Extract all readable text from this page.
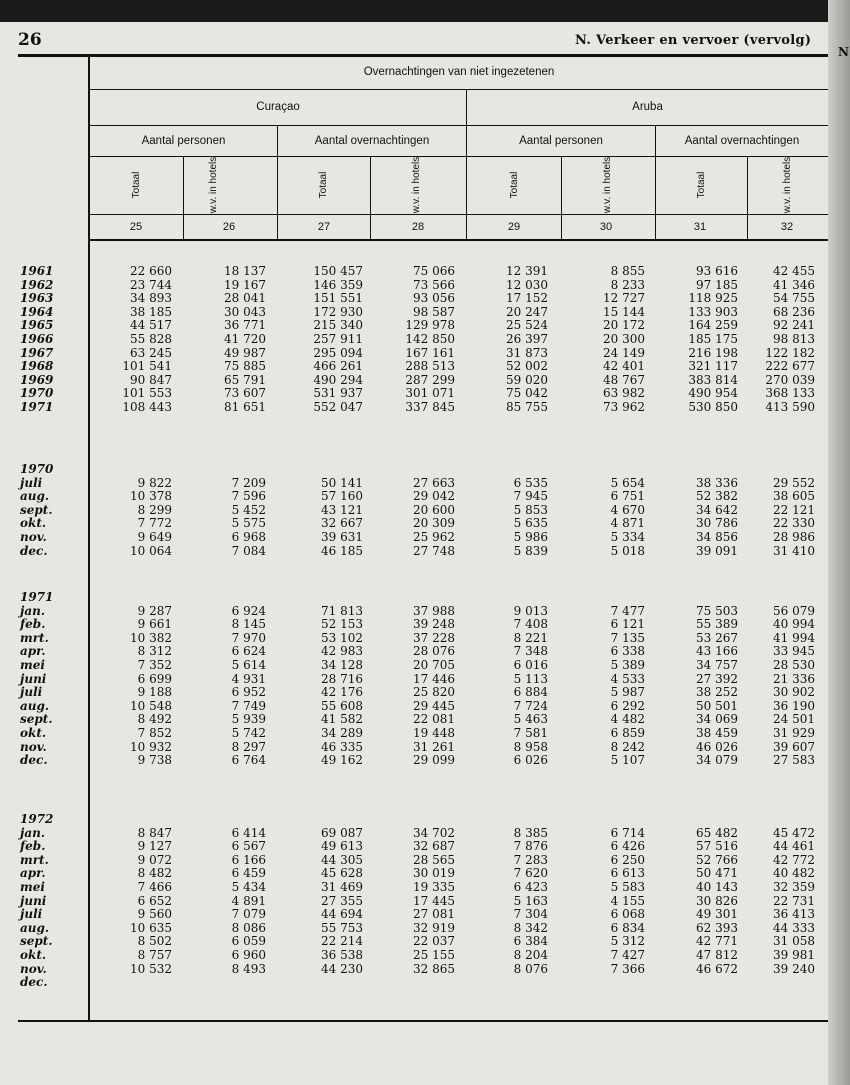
N
26	N. Verkeer en vervoer (vervolg)
Overnachtingen van niet ingezetenen
Curaçao	Aruba
Aantal personen	Aantal overnachtingen	Aantal personen	Aantal overnachtingen
Totaal	w.v. in hotels	Totaal	w.v. in hotels	Totaal	w.v. in hotels	Totaal	w.v. in hotels
25	26	27	28	29	30	31	32
1961	22 660	18 137	150 457	75 066	12 391	8 855	93 616	42 455
1962	23 744	19 167	146 359	73 566	12 030	8 233	97 185	41 346
1963	34 893	28 041	151 551	93 056	17 152	12 727	118 925	54 755
1964	38 185	30 043	172 930	98 587	20 247	15 144	133 903	68 236
1965	44 517	36 771	215 340	129 978	25 524	20 172	164 259	92 241
1966	55 828	41 720	257 911	142 850	26 397	20 300	185 175	98 813
1967	63 245	49 987	295 094	167 161	31 873	24 149	216 198	122 182
1968	101 541	75 885	466 261	288 513	52 002	42 401	321 117	222 677
1969	90 847	65 791	490 294	287 299	59 020	48 767	383 814	270 039
1970	101 553	73 607	531 937	301 071	75 042	63 982	490 954	368 133
1971	108 443	81 651	552 047	337 845	85 755	73 962	530 850	413 590
1970
juli	9 822	7 209	50 141	27 663	6 535	5 654	38 336	29 552
aug.	10 378	7 596	57 160	29 042	7 945	6 751	52 382	38 605
sept.	8 299	5 452	43 121	20 600	5 853	4 670	34 642	22 121
okt.	7 772	5 575	32 667	20 309	5 635	4 871	30 786	22 330
nov.	9 649	6 968	39 631	25 962	5 986	5 334	34 856	28 986
dec.	10 064	7 084	46 185	27 748	5 839	5 018	39 091	31 410
1971
jan.	9 287	6 924	71 813	37 988	9 013	7 477	75 503	56 079
feb.	9 661	8 145	52 153	39 248	7 408	6 121	55 389	40 994
mrt.	10 382	7 970	53 102	37 228	8 221	7 135	53 267	41 994
apr.	8 312	6 624	42 983	28 076	7 348	6 338	43 166	33 945
mei	7 352	5 614	34 128	20 705	6 016	5 389	34 757	28 530
juni	6 699	4 931	28 716	17 446	5 113	4 533	27 392	21 336
juli	9 188	6 952	42 176	25 820	6 884	5 987	38 252	30 902
aug.	10 548	7 749	55 608	29 445	7 724	6 292	50 501	36 190
sept.	8 492	5 939	41 582	22 081	5 463	4 482	34 069	24 501
okt.	7 852	5 742	34 289	19 448	7 581	6 859	38 459	31 929
nov.	10 932	8 297	46 335	31 261	8 958	8 242	46 026	39 607
dec.	9 738	6 764	49 162	29 099	6 026	5 107	34 079	27 583
1972
jan.	8 847	6 414	69 087	34 702	8 385	6 714	65 482	45 472
feb.	9 127	6 567	49 613	32 687	7 876	6 426	57 516	44 461
mrt.	9 072	6 166	44 305	28 565	7 283	6 250	52 766	42 772
apr.	8 482	6 459	45 628	30 019	7 620	6 613	50 471	40 482
mei	7 466	5 434	31 469	19 335	6 423	5 583	40 143	32 359
juni	6 652	4 891	27 355	17 445	5 163	4 155	30 826	22 731
juli	9 560	7 079	44 694	27 081	7 304	6 068	49 301	36 413
aug.	10 635	8 086	55 753	32 919	8 342	6 834	62 393	44 333
sept.	8 502	6 059	22 214	22 037	6 384	5 312	42 771	31 058
okt.	8 757	6 960	36 538	25 155	8 204	7 427	47 812	39 981
nov.	10 532	8 493	44 230	32 865	8 076	7 366	46 672	39 240
dec.
